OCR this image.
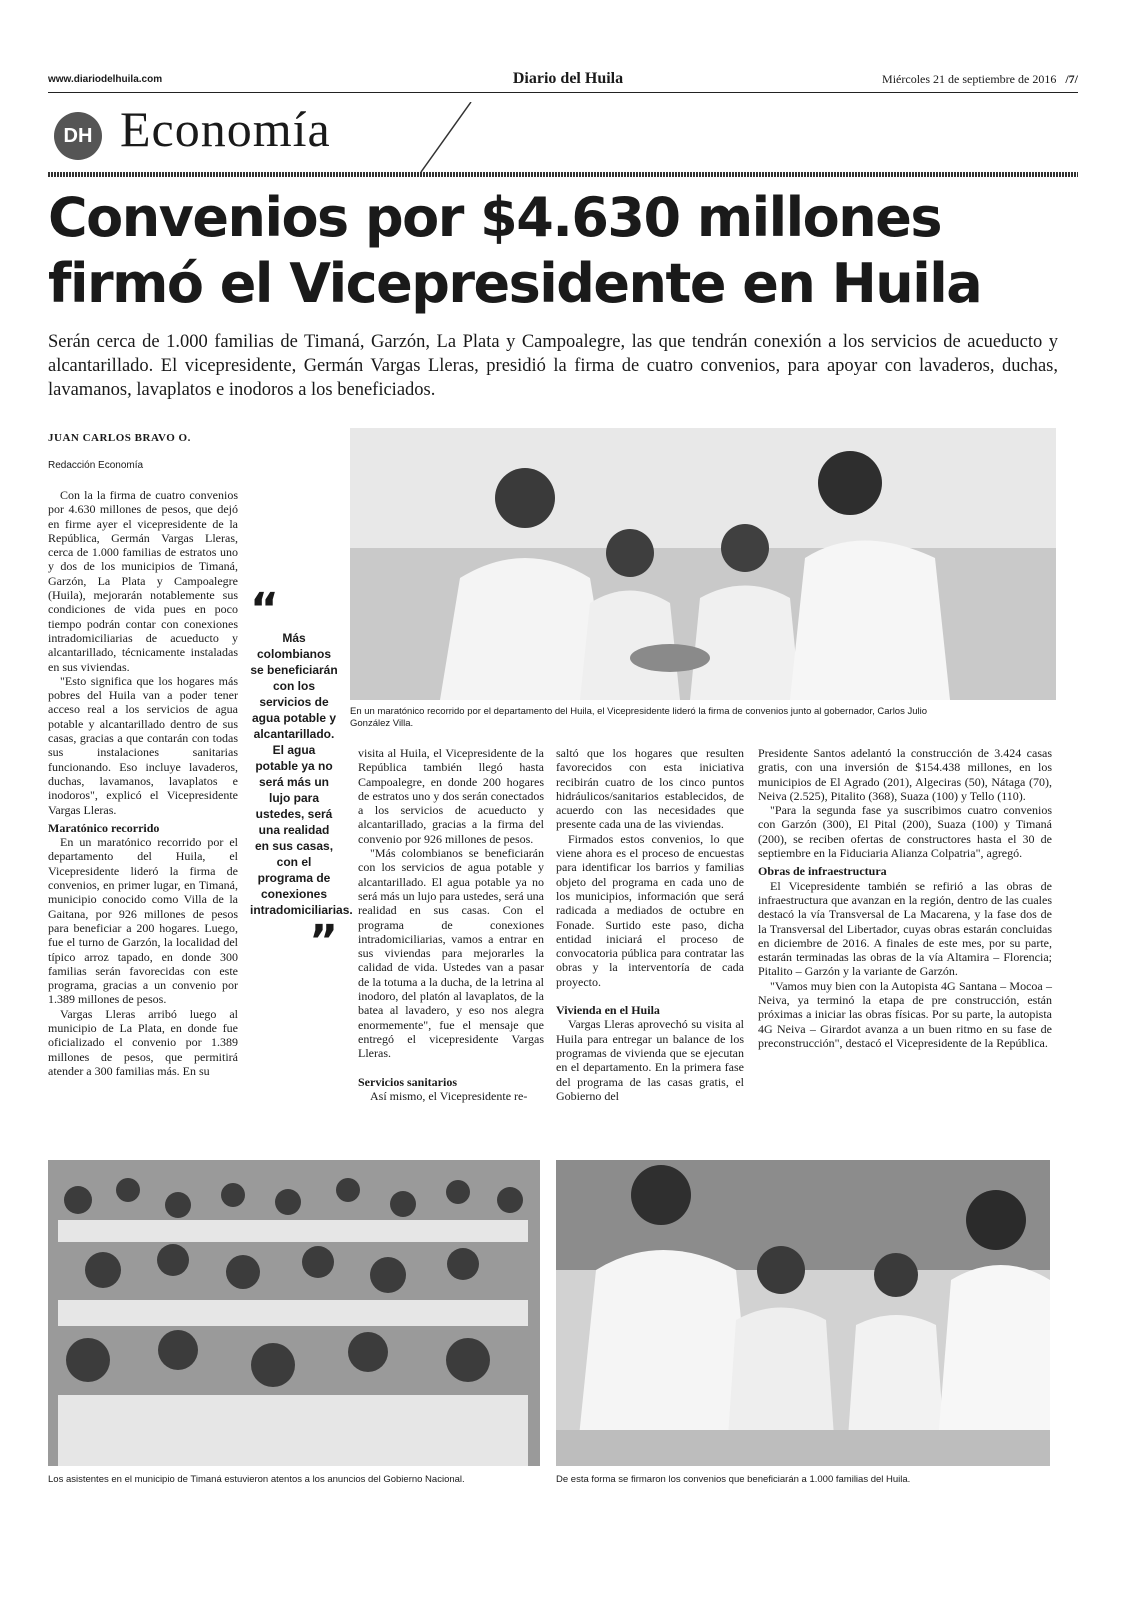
www.diariodelhuila.com	Diario del Huila	Miércoles 21 de septiembre de 2016 /7/
DH Economía
Convenios por $4.630 millones
firmó el Vicepresidente en Huila
Serán cerca de 1.000 familias de Timaná, Garzón, La Plata y Campoalegre, las que tendrán conexión a los servicios de acueducto y alcantarillado. El vicepresidente, Germán Vargas Lleras, presidió la firma de cuatro convenios, para apoyar con lavaderos, duchas, lavamanos, lavaplatos e inodoros a los beneficiados.
JUAN CARLOS BRAVO O.
Redacción Economía

Con la la firma de cuatro convenios por 4.630 millones de pesos, que dejó en firme ayer el vicepresidente de la República, Germán Vargas Lleras, cerca de 1.000 familias de estratos uno y dos de los municipios de Timaná, Garzón, La Plata y Campoalegre (Huila), mejorarán notablemente sus condiciones de vida pues en poco tiempo podrán contar con conexiones intradomiciliarias de acueducto y alcantarillado, técnicamente instaladas en sus viviendas.

"Esto significa que los hogares más pobres del Huila van a poder tener acceso real a los servicios de agua potable y alcantarillado dentro de sus casas, gracias a que contarán con todas sus instalaciones sanitarias funcionando. Eso incluye lavaderos, duchas, lavamanos, lavaplatos e inodoros", explicó el Vicepresidente Vargas Lleras.

Maratónico recorrido

En un maratónico recorrido por el departamento del Huila, el Vicepresidente lideró la firma de convenios, en primer lugar, en Timaná, municipio conocido como Villa de la Gaitana, por 926 millones de pesos para beneficiar a 200 hogares. Luego, fue el turno de Garzón, la localidad del típico arroz tapado, en donde 300 familias serán favorecidas con este programa, gracias a un convenio por 1.389 millones de pesos.

Vargas Lleras arribó luego al municipio de La Plata, en donde fue oficializado el convenio por 1.389 millones de pesos, que permitirá atender a 300 familias más. En su

“
Más colombianos se beneficiarán con los servicios de agua potable y alcantarillado. El agua potable ya no será más un lujo para ustedes, será una realidad en sus casas, con el programa de conexiones intradomiciliarias.
”
En un maratónico recorrido por el departamento del Huila, el Vicepresidente lideró la firma de convenios junto al gobernador, Carlos Julio González Villa.

visita al Huila, el Vicepresidente de la República también llegó hasta Campoalegre, en donde 200 hogares de estratos uno y dos serán conectados a los servicios de acueducto y alcantarillado, gracias a la firma del convenio por 926 millones de pesos.

"Más colombianos se beneficiarán con los servicios de agua potable y alcantarillado. El agua potable ya no será más un lujo para ustedes, será una realidad en sus casas. Con el programa de conexiones intradomiciliarias, vamos a entrar en sus viviendas para mejorarles la calidad de vida. Ustedes van a pasar de la totuma a la ducha, de la letrina al inodoro, del platón al lavaplatos, de la batea al lavadero, y eso nos alegra enormemente", fue el mensaje que entregó el vicepresidente Vargas Lleras.

Servicios sanitarios

Así mismo, el Vicepresidente re-

saltó que los hogares que resulten favorecidos con esta iniciativa recibirán cuatro de los cinco puntos hidráulicos/sanitarios establecidos, de acuerdo con las necesidades que presente cada una de las viviendas.

Firmados estos convenios, lo que viene ahora es el proceso de encuestas para identificar los barrios y familias objeto del programa en cada uno de los municipios, información que será radicada a mediados de octubre en Fonade. Surtido este paso, dicha entidad iniciará el proceso de convocatoria pública para contratar las obras y la interventoría de cada proyecto.

Vivienda en el Huila

Vargas Lleras aprovechó su visita al Huila para entregar un balance de los programas de vivienda que se ejecutan en el departamento. En la primera fase del programa de las casas gratis, el Gobierno del

Presidente Santos adelantó la construcción de 3.424 casas gratis, con una inversión de $154.438 millones, en los municipios de El Agrado (201), Algeciras (50), Nátaga (70), Neiva (2.525), Pitalito (368), Suaza (100) y Tello (110).

"Para la segunda fase ya suscribimos cuatro convenios con Garzón (300), El Pital (200), Suaza (100) y Timaná (200), se reciben ofertas de constructores hasta el 30 de septiembre en la Fiduciaria Alianza Colpatria", agregó.

Obras de infraestructura

El Vicepresidente también se refirió a las obras de infraestructura que avanzan en la región, dentro de las cuales destacó la vía Transversal de La Macarena, y la fase dos de la Transversal del Libertador, cuyas obras estarán concluidas en diciembre de 2016. A finales de este mes, por su parte, estarán terminadas las obras de la vía Altamira – Florencia; Pitalito – Garzón y la variante de Garzón.

"Vamos muy bien con la Autopista 4G Santana – Mocoa – Neiva, ya terminó la etapa de pre construcción, están próximas a iniciar las obras físicas. Por su parte, la autopista 4G Neiva – Girardot avanza a un buen ritmo en su fase de preconstrucción", destacó el Vicepresidente de la República.

Los asistentes en el municipio de Timaná estuvieron atentos a los anuncios del Gobierno Nacional.	De esta forma se firmaron los convenios que beneficiarán a 1.000 familias del Huila.
